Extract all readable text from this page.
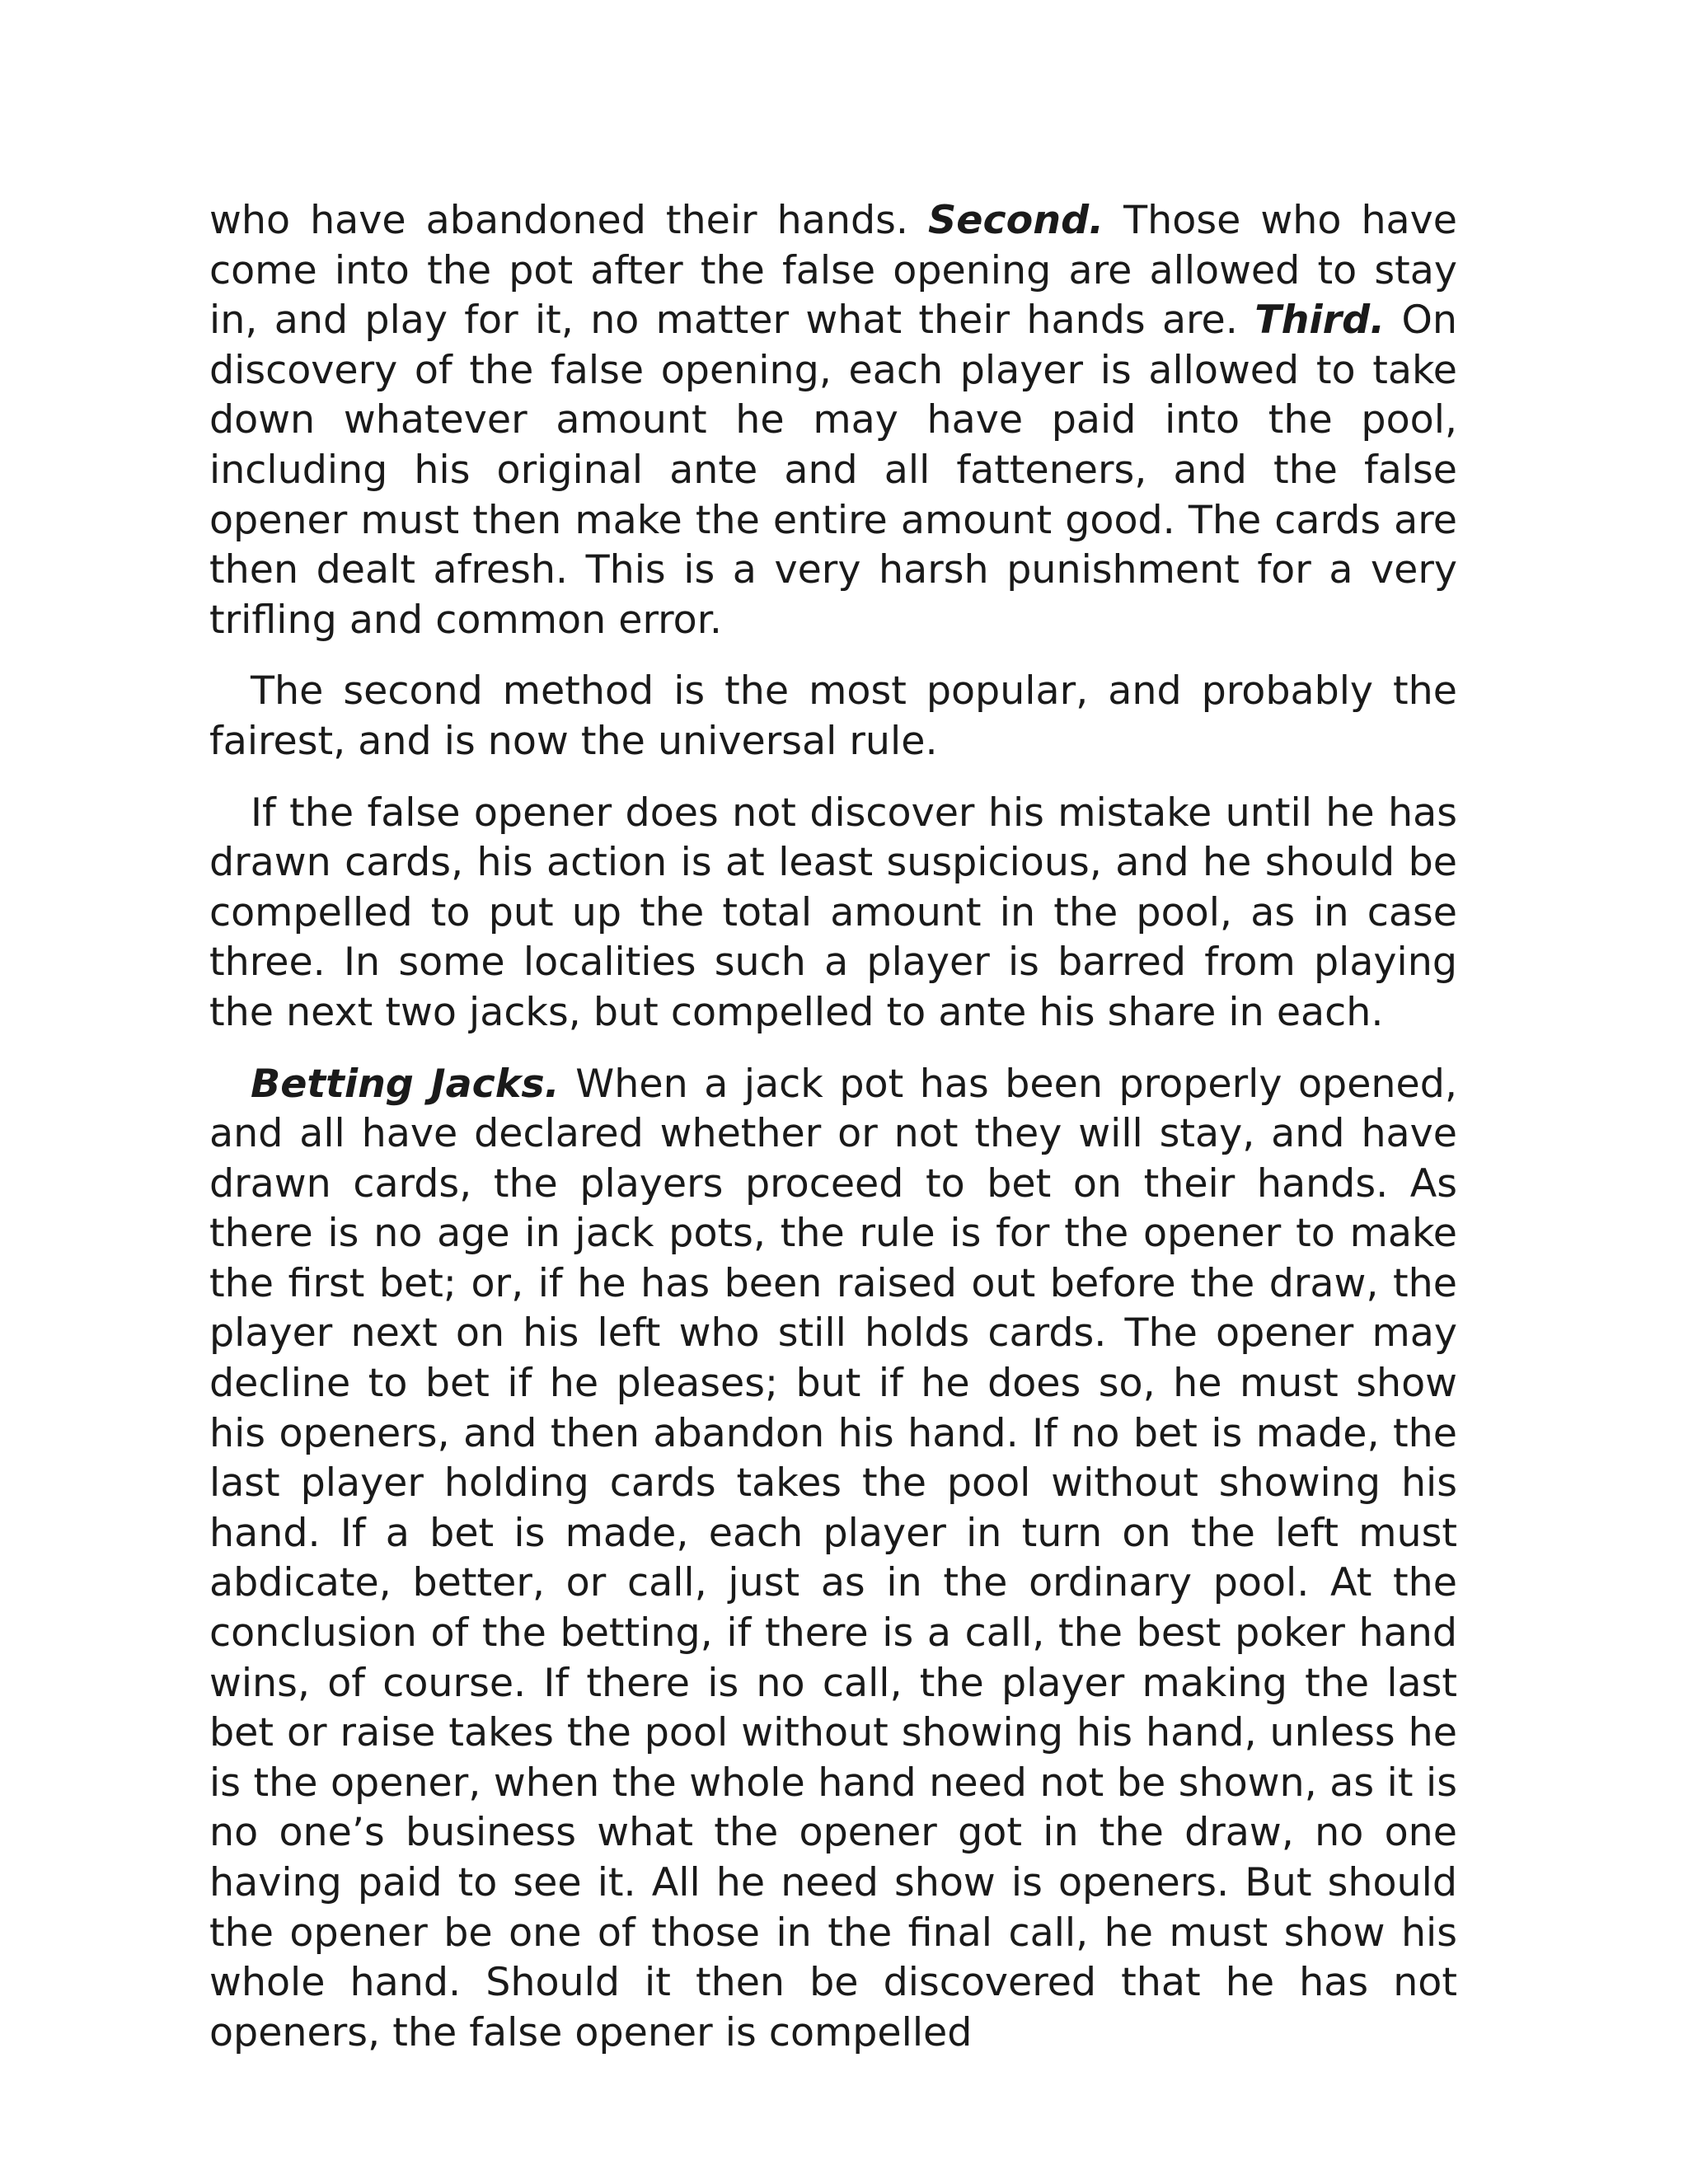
who have abandoned their hands. Second. Those who have come into the pot after the false opening are allowed to stay in, and play for it, no matter what their hands are. Third. On discovery of the false opening, each player is allowed to take down whatever amount he may have paid into the pool, including his original ante and all fatteners, and the false opener must then make the entire amount good. The cards are then dealt afresh. This is a very harsh punishment for a very trifling and common error.

The second method is the most popular, and probably the fairest, and is now the universal rule.

If the false opener does not discover his mistake until he has drawn cards, his action is at least suspicious, and he should be compelled to put up the total amount in the pool, as in case three. In some localities such a player is barred from playing the next two jacks, but compelled to ante his share in each.

Betting Jacks. When a jack pot has been properly opened, and all have declared whether or not they will stay, and have drawn cards, the players proceed to bet on their hands. As there is no age in jack pots, the rule is for the opener to make the first bet; or, if he has been raised out before the draw, the player next on his left who still holds cards. The opener may decline to bet if he pleases; but if he does so, he must show his openers, and then abandon his hand. If no bet is made, the last player holding cards takes the pool without showing his hand. If a bet is made, each player in turn on the left must abdicate, better, or call, just as in the ordinary pool. At the conclusion of the betting, if there is a call, the best poker hand wins, of course. If there is no call, the player making the last bet or raise takes the pool without showing his hand, unless he is the opener, when the whole hand need not be shown, as it is no one’s business what the opener got in the draw, no one having paid to see it. All he need show is openers. But should the opener be one of those in the final call, he must show his whole hand. Should it then be discovered that he has not openers, the false opener is compelled
